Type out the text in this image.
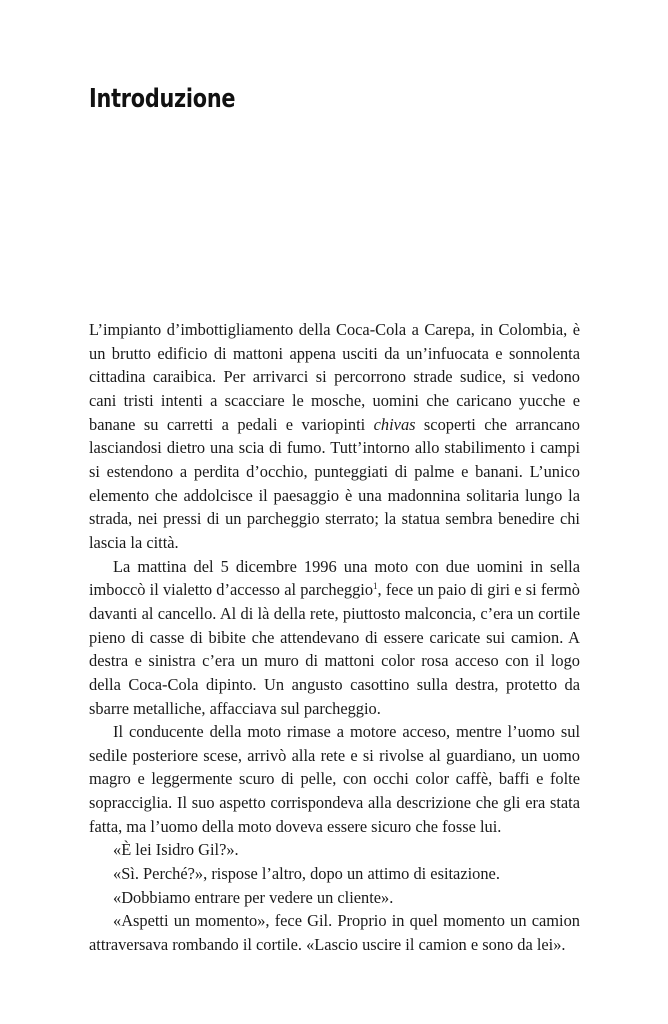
Introduzione

L’impianto d’imbottigliamento della Coca-Cola a Carepa, in Colombia, è un brutto edificio di mattoni appena usciti da un’infuocata e sonnolenta cittadina caraibica. Per arrivarci si percorrono strade sudice, si vedono cani tristi intenti a scacciare le mosche, uomini che caricano yucche e banane su carretti a pedali e variopinti chivas scoperti che arrancano lasciandosi dietro una scia di fumo. Tutt’intorno allo stabilimento i campi si estendono a perdita d’occhio, punteggiati di palme e banani. L’unico elemento che addolcisce il paesaggio è una madonnina solitaria lungo la strada, nei pressi di un parcheggio sterrato; la statua sembra benedire chi lascia la città.

La mattina del 5 dicembre 1996 una moto con due uomini in sella imboccò il vialetto d’accesso al parcheggio$^1$, fece un paio di giri e si fermò davanti al cancello. Al di là della rete, piuttosto malconcia, c’era un cortile pieno di casse di bibite che attendevano di essere caricate sui camion. A destra e sinistra c’era un muro di mattoni color rosa acceso con il logo della Coca-Cola dipinto. Un angusto casottino sulla destra, protetto da sbarre metalliche, affacciava sul parcheggio.

Il conducente della moto rimase a motore acceso, mentre l’uomo sul sedile posteriore scese, arrivò alla rete e si rivolse al guardiano, un uomo magro e leggermente scuro di pelle, con occhi color caffè, baffi e folte sopracciglia. Il suo aspetto corrispondeva alla descrizione che gli era stata fatta, ma l’uomo della moto doveva essere sicuro che fosse lui.

«È lei Isidro Gil?».

«Sì. Perché?», rispose l’altro, dopo un attimo di esitazione.

«Dobbiamo entrare per vedere un cliente».

«Aspetti un momento», fece Gil. Proprio in quel momento un camion attraversava rombando il cortile. «Lascio uscire il camion e sono da lei».
